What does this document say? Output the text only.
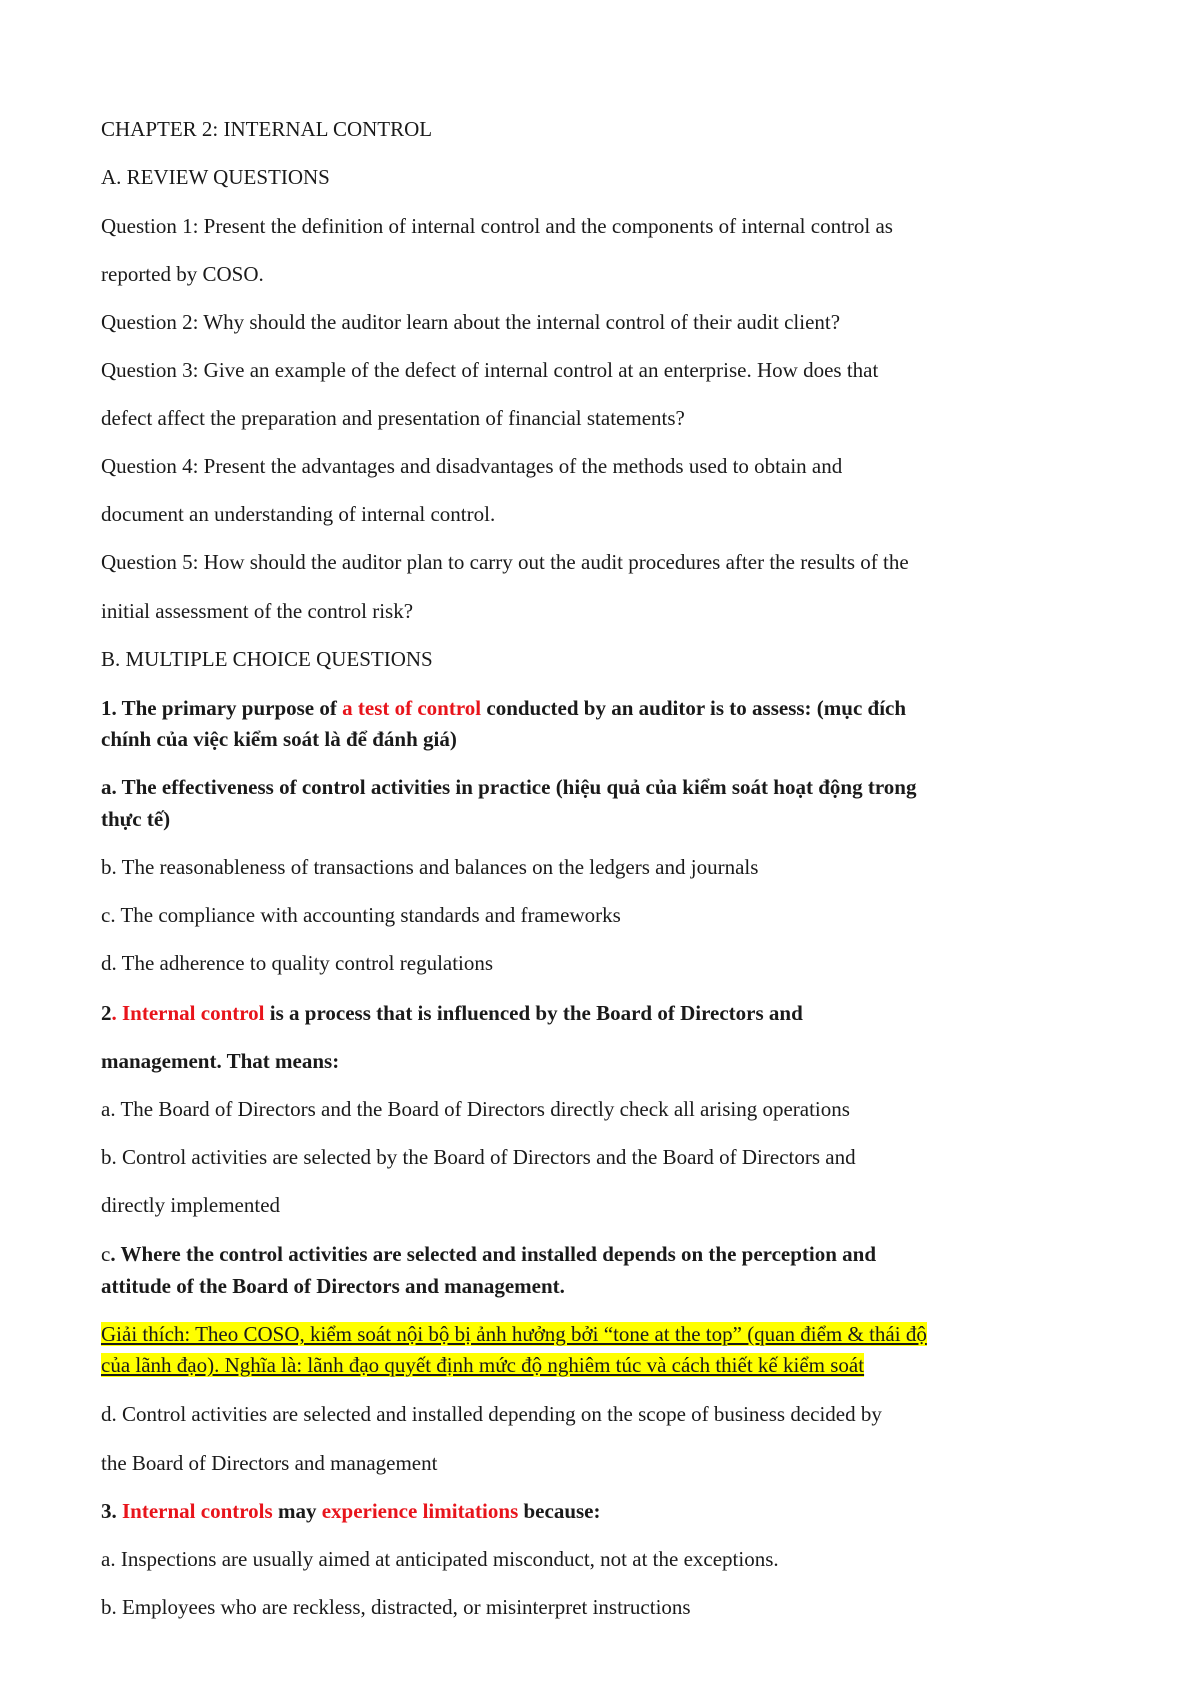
CHAPTER 2: INTERNAL CONTROL
A. REVIEW QUESTIONS
Question 1: Present the definition of internal control and the components of internal control as
reported by COSO.
Question 2: Why should the auditor learn about the internal control of their audit client?
Question 3: Give an example of the defect of internal control at an enterprise. How does that
defect affect the preparation and presentation of financial statements?
Question 4: Present the advantages and disadvantages of the methods used to obtain and
document an understanding of internal control.
Question 5: How should the auditor plan to carry out the audit procedures after the results of the
initial assessment of the control risk?
B. MULTIPLE CHOICE QUESTIONS
1. The primary purpose of a test of control conducted by an auditor is to assess: (mục đích
chính của việc kiểm soát là để đánh giá)
a. The effectiveness of control activities in practice (hiệu quả của kiểm soát hoạt động trong
thực tế)
b. The reasonableness of transactions and balances on the ledgers and journals
c. The compliance with accounting standards and frameworks
d. The adherence to quality control regulations
2. Internal control is a process that is influenced by the Board of Directors and
management. That means:
a. The Board of Directors and the Board of Directors directly check all arising operations
b. Control activities are selected by the Board of Directors and the Board of Directors and
directly implemented
c. Where the control activities are selected and installed depends on the perception and
attitude of the Board of Directors and management.
Giải thích: Theo COSO, kiểm soát nội bộ bị ảnh hưởng bởi “tone at the top” (quan điểm & thái độ
của lãnh đạo). Nghĩa là: lãnh đạo quyết định mức độ nghiêm túc và cách thiết kế kiểm soát
d. Control activities are selected and installed depending on the scope of business decided by
the Board of Directors and management
3. Internal controls may experience limitations because:
a. Inspections are usually aimed at anticipated misconduct, not at the exceptions.
b. Employees who are reckless, distracted, or misinterpret instructions
